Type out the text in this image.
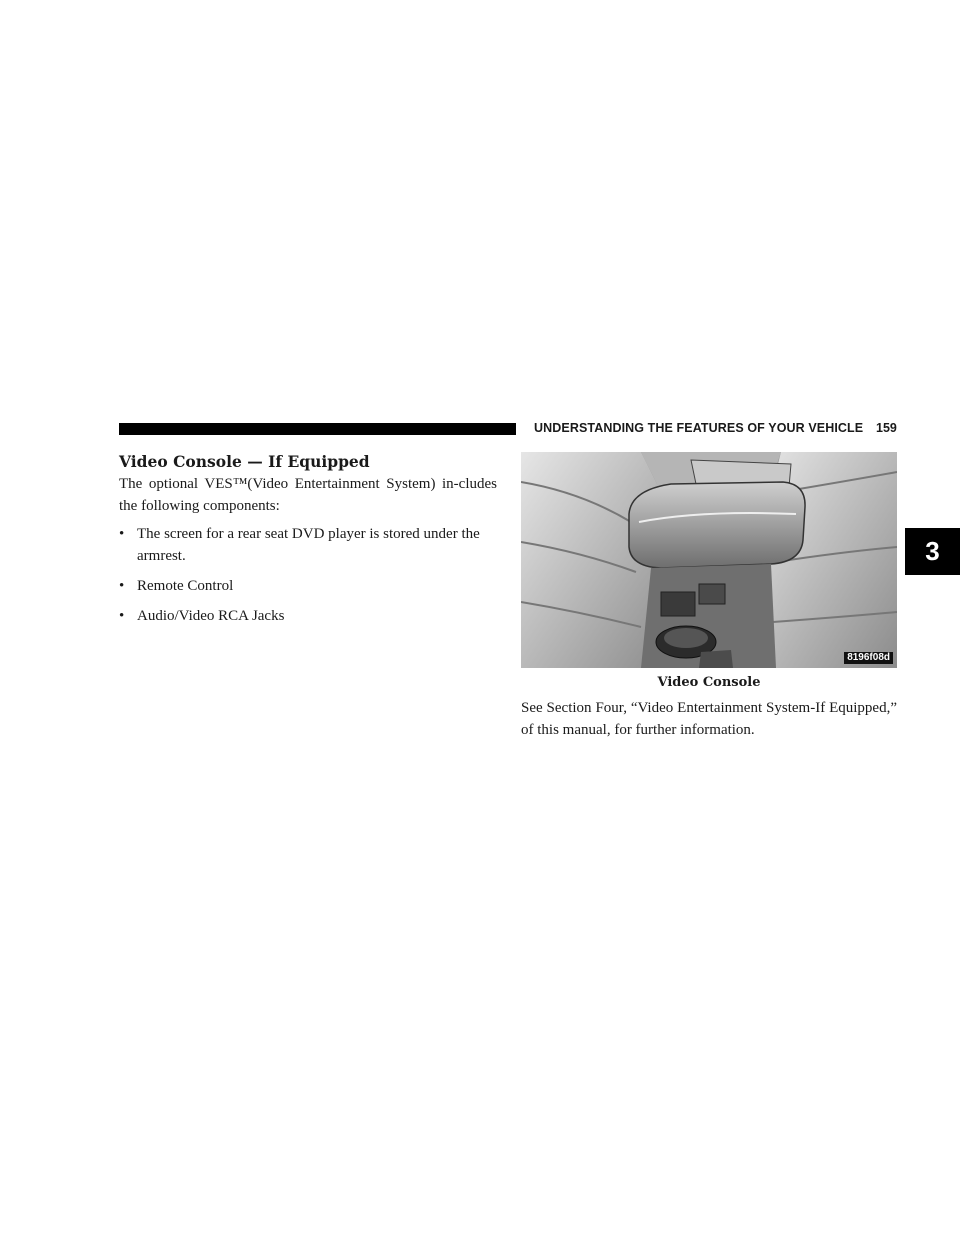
UNDERSTANDING THE FEATURES OF YOUR VEHICLE 159
3
Video Console — If Equipped

The optional VES™(Video Entertainment System) in-cludes the following components:

• The screen for a rear seat DVD player is stored under the armrest.
• Remote Control
• Audio/Video RCA Jacks
8196f08d
Video Console

See Section Four, “Video Entertainment System-If Equipped,” of this manual, for further information.
